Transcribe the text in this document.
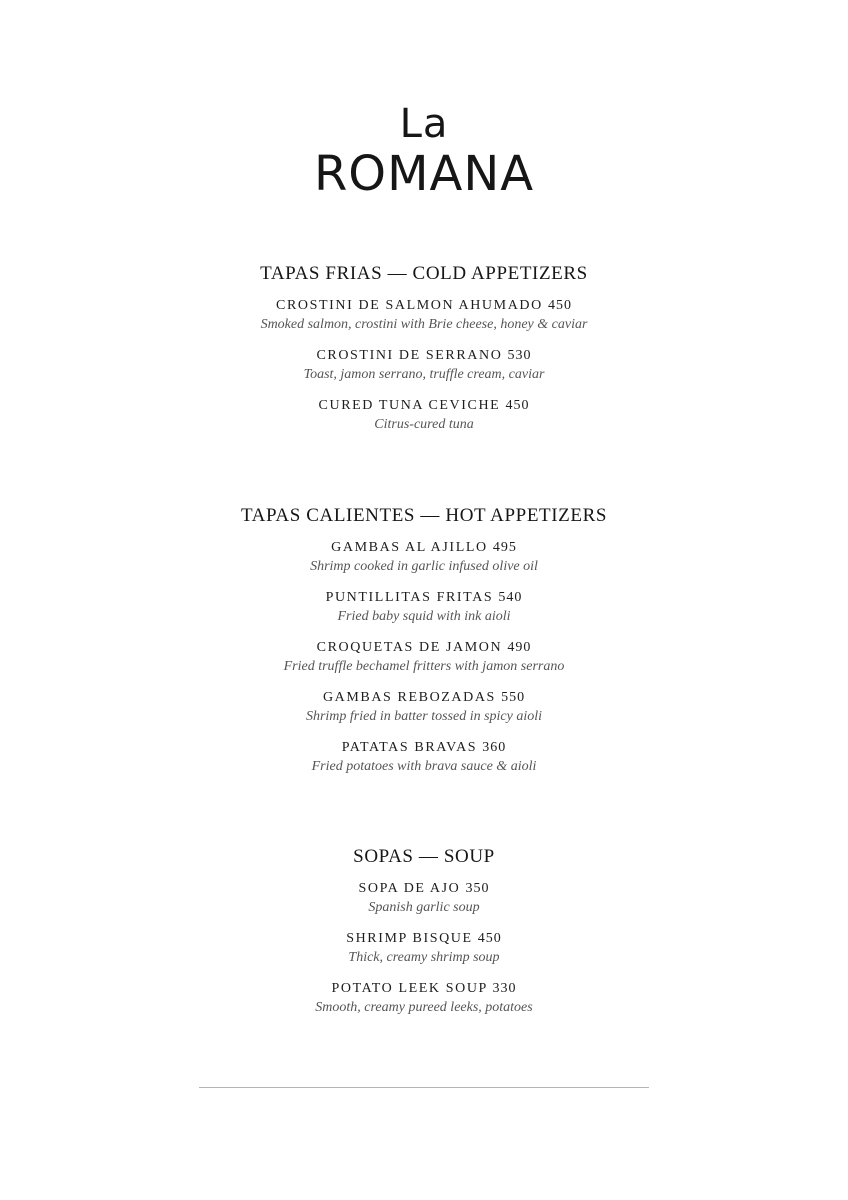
La
ROMANA
TAPAS FRIAS — COLD APPETIZERS
CROSTINI DE SALMON AHUMADO 450
Smoked salmon, crostini with Brie cheese, honey & caviar
CROSTINI DE SERRANO 530
Toast, jamon serrano, truffle cream, caviar
CURED TUNA CEVICHE 450
Citrus-cured tuna
TAPAS CALIENTES — HOT APPETIZERS
GAMBAS AL AJILLO 495
Shrimp cooked in garlic infused olive oil
PUNTILLITAS FRITAS 540
Fried baby squid with ink aioli
CROQUETAS DE JAMON 490
Fried truffle bechamel fritters with jamon serrano
GAMBAS REBOZADAS 550
Shrimp fried in batter tossed in spicy aioli
PATATAS BRAVAS 360
Fried potatoes with brava sauce & aioli
SOPAS — SOUP
SOPA DE AJO 350
Spanish garlic soup
SHRIMP BISQUE 450
Thick, creamy shrimp soup
POTATO LEEK SOUP 330
Smooth, creamy pureed leeks, potatoes
